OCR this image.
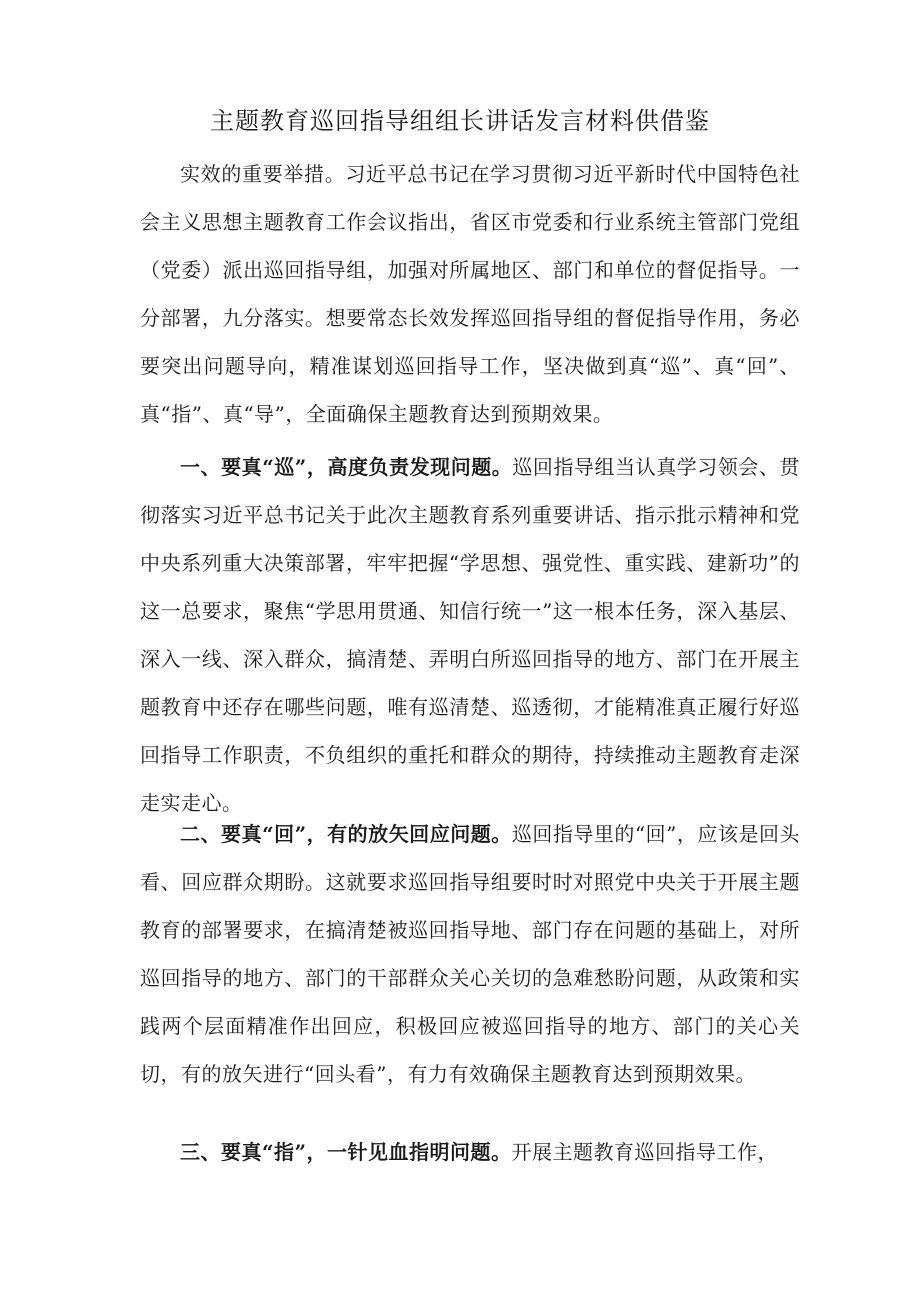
主题教育巡回指导组组长讲话发言材料供借鉴

实效的重要举措。习近平总书记在学习贯彻习近平新时代中国特色社会主义思想主题教育工作会议指出，省区市党委和行业系统主管部门党组（党委）派出巡回指导组，加强对所属地区、部门和单位的督促指导。一分部署，九分落实。想要常态长效发挥巡回指导组的督促指导作用，务必要突出问题导向，精准谋划巡回指导工作，坚决做到真“巡”、真“回”、真“指”、真“导”，全面确保主题教育达到预期效果。

一、要真“巡”，高度负责发现问题。巡回指导组当认真学习领会、贯彻落实习近平总书记关于此次主题教育系列重要讲话、指示批示精神和党中央系列重大决策部署，牢牢把握“学思想、强党性、重实践、建新功”的这一总要求，聚焦“学思用贯通、知信行统一”这一根本任务，深入基层、深入一线、深入群众，搞清楚、弄明白所巡回指导的地方、部门在开展主题教育中还存在哪些问题，唯有巡清楚、巡透彻，才能精准真正履行好巡回指导工作职责，不负组织的重托和群众的期待，持续推动主题教育走深走实走心。

二、要真“回”，有的放矢回应问题。巡回指导里的“回”，应该是回头看、回应群众期盼。这就要求巡回指导组要时时对照党中央关于开展主题教育的部署要求，在搞清楚被巡回指导地、部门存在问题的基础上，对所巡回指导的地方、部门的干部群众关心关切的急难愁盼问题，从政策和实践两个层面精准作出回应，积极回应被巡回指导的地方、部门的关心关切，有的放矢进行“回头看”，有力有效确保主题教育达到预期效果。

三、要真“指”，一针见血指明问题。开展主题教育巡回指导工作，
